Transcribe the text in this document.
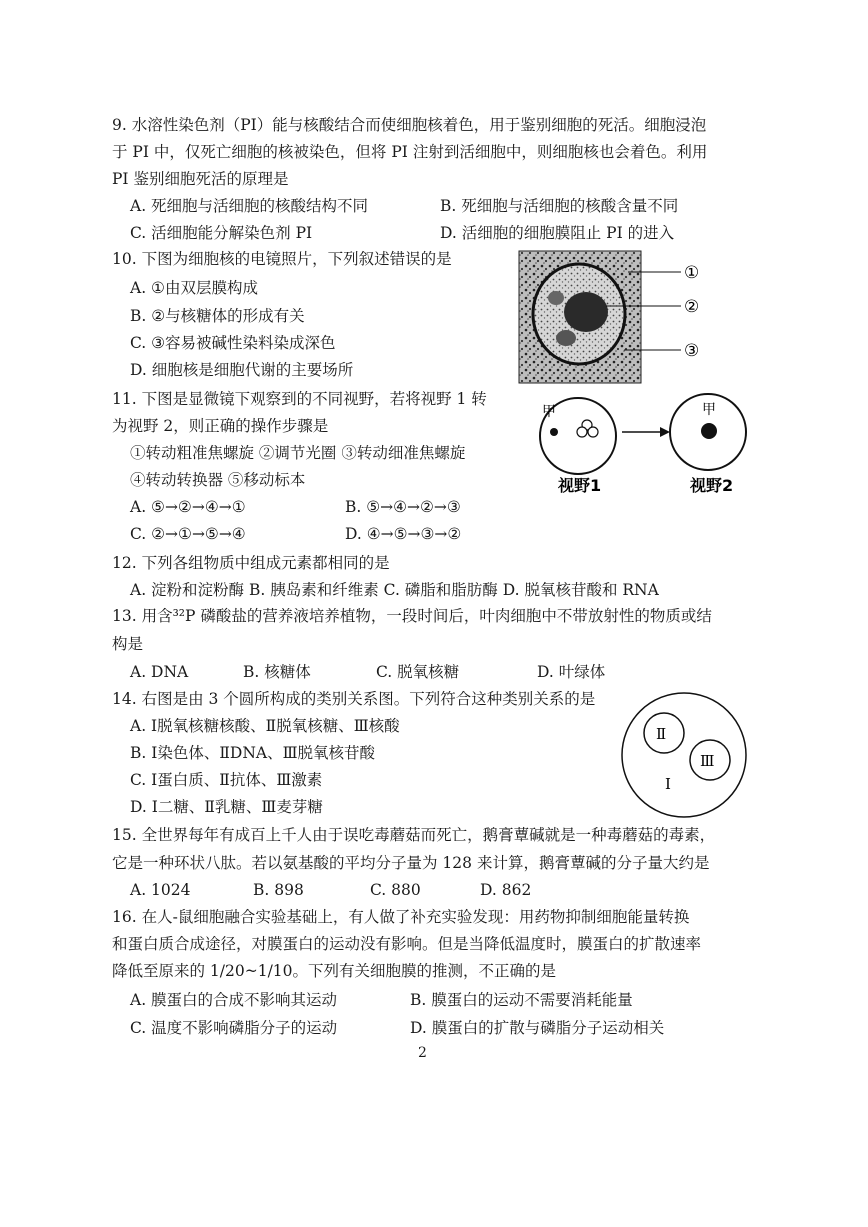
9. 水溶性染色剂（PI）能与核酸结合而使细胞核着色，用于鉴别细胞的死活。细胞浸泡
于 PI 中，仅死亡细胞的核被染色，但将 PI 注射到活细胞中，则细胞核也会着色。利用
PI 鉴别细胞死活的原理是
A. 死细胞与活细胞的核酸结构不同	B. 死细胞与活细胞的核酸含量不同
C. 活细胞能分解染色剂 PI	D. 活细胞的细胞膜阻止 PI 的进入
10. 下图为细胞核的电镜照片，下列叙述错误的是
A. ①由双层膜构成
B. ②与核糖体的形成有关
C. ③容易被碱性染料染成深色
D. 细胞核是细胞代谢的主要场所
①
②
③
11. 下图是显微镜下观察到的不同视野，若将视野 1 转
为视野 2，则正确的操作步骤是
①转动粗准焦螺旋 ②调节光圈 ③转动细准焦螺旋
④转动转换器 ⑤移动标本
A. ⑤→②→④→①	B. ⑤→④→②→③
C. ②→①→⑤→④	D. ④→⑤→③→②
甲	甲
视野1	视野2
12. 下列各组物质中组成元素都相同的是
A. 淀粉和淀粉酶 B. 胰岛素和纤维素 C. 磷脂和脂肪酶 D. 脱氧核苷酸和 RNA
13. 用含³²P 磷酸盐的营养液培养植物，一段时间后，叶肉细胞中不带放射性的物质或结
构是
A. DNA	B. 核糖体	C. 脱氧核糖	D. 叶绿体
14. 右图是由 3 个圆所构成的类别关系图。下列符合这种类别关系的是
A. Ⅰ脱氧核糖核酸、Ⅱ脱氧核糖、Ⅲ核酸
B. Ⅰ染色体、ⅡDNA、Ⅲ脱氧核苷酸
C. Ⅰ蛋白质、Ⅱ抗体、Ⅲ激素
D. Ⅰ二糖、Ⅱ乳糖、Ⅲ麦芽糖
Ⅱ
Ⅲ
Ⅰ
15. 全世界每年有成百上千人由于误吃毒蘑菇而死亡，鹅膏蕈碱就是一种毒蘑菇的毒素，
它是一种环状八肽。若以氨基酸的平均分子量为 128 来计算，鹅膏蕈碱的分子量大约是
A. 1024	B. 898	C. 880	D. 862
16. 在人-鼠细胞融合实验基础上，有人做了补充实验发现：用药物抑制细胞能量转换
和蛋白质合成途径，对膜蛋白的运动没有影响。但是当降低温度时，膜蛋白的扩散速率
降低至原来的 1/20~1/10。下列有关细胞膜的推测，不正确的是
A. 膜蛋白的合成不影响其运动	B. 膜蛋白的运动不需要消耗能量
C. 温度不影响磷脂分子的运动	D. 膜蛋白的扩散与磷脂分子运动相关
2
